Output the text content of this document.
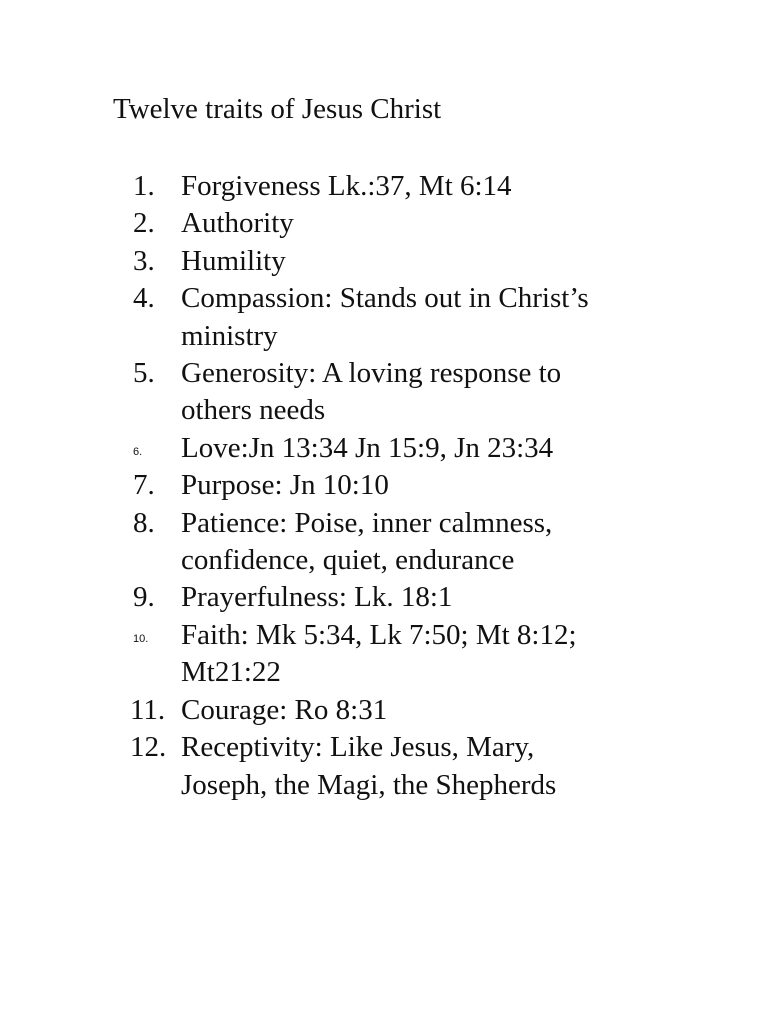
Twelve traits of Jesus Christ
1. Forgiveness Lk.:37, Mt 6:14
2. Authority
3. Humility
4. Compassion: Stands out in Christ’s ministry
5. Generosity: A loving response to others needs
6.	Love:Jn 13:34 Jn 15:9, Jn 23:34
7. Purpose: Jn 10:10
8. Patience: Poise, inner calmness, confidence, quiet, endurance
9. Prayerfulness: Lk. 18:1
10.	Faith: Mk 5:34, Lk 7:50; Mt 8:12; Mt21:22
11. Courage: Ro 8:31
12. Receptivity: Like Jesus, Mary, Joseph, the Magi, the Shepherds
